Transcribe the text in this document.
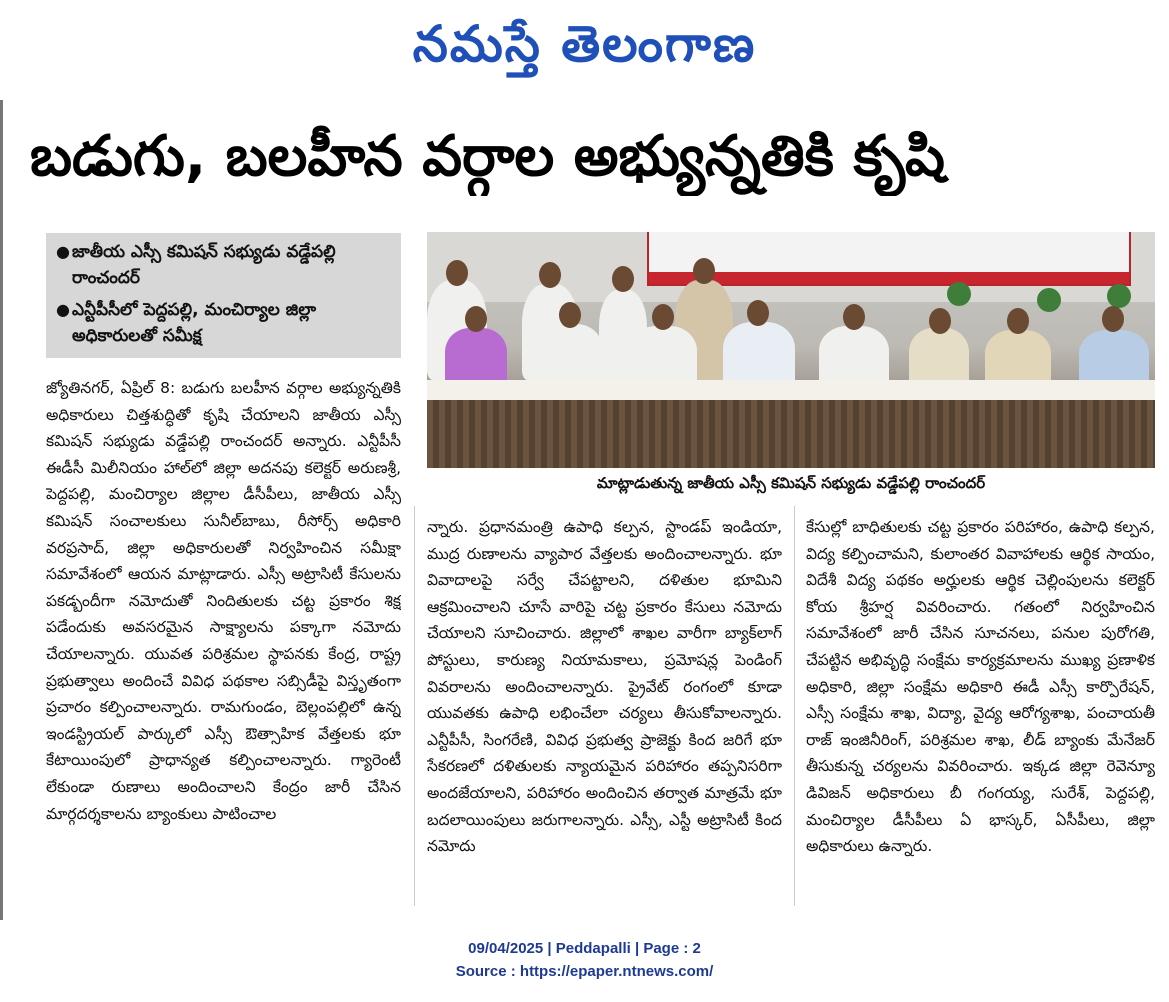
నమస్తే తెలంగాణ
బడుగు, బలహీన వర్గాల అభ్యున్నతికి కృషి
● జాతీయ ఎస్సీ కమిషన్ సభ్యుడు వడ్డేపల్లి రాంచందర్
● ఎన్టీపీసీలో పెద్దపల్లి, మంచిర్యాల జిల్లా అధికారులతో సమీక్ష
మాట్లాడుతున్న జాతీయ ఎస్సీ కమిషన్ సభ్యుడు వడ్డేపల్లి రాంచందర్
జ్యోతినగర్, ఏప్రిల్ 8: బడుగు బలహీన వర్గాల అభ్యున్నతికి అధికారులు చిత్తశుద్ధితో కృషి చేయాలని జాతీయ ఎస్సీ కమిషన్ సభ్యుడు వడ్డేపల్లి రాంచందర్ అన్నారు. ఎన్టీపీసీ ఈడీసీ మిలీనియం హాల్‌లో జిల్లా అదనపు కలెక్టర్ అరుణశ్రీ, పెద్దపల్లి, మంచిర్యాల జిల్లాల డీసీపీలు, జాతీయ ఎస్సీ కమిషన్ సంచాలకులు సునీల్‌బాబు, రీసోర్స్ అధికారి వరప్రసాద్, జిల్లా అధికారులతో నిర్వహించిన సమీక్షా సమావేశంలో ఆయన మాట్లాడారు. ఎస్సీ అట్రాసిటీ కేసులను పకడ్బందీగా నమోదుతో నిందితులకు చట్ట ప్రకారం శిక్ష పడేందుకు అవసరమైన సాక్ష్యాలను పక్కాగా నమోదు చేయాలన్నారు. యువత పరిశ్రమల స్థాపనకు కేంద్ర, రాష్ట్ర ప్రభుత్వాలు అందించే వివిధ పథకాల సబ్సిడీపై విస్తృతంగా ప్రచారం కల్పించాలన్నారు. రామగుండం, బెల్లంపల్లిలో ఉన్న ఇండస్ట్రియల్ పార్కులో ఎస్సీ ఔత్సాహిక వేత్తలకు భూ కేటాయింపులో ప్రాధాన్యత కల్పించాలన్నారు. గ్యారెంటీ లేకుండా రుణాలు అందించాలని కేంద్రం జారీ చేసిన మార్గదర్శకాలను బ్యాంకులు పాటించాల
న్నారు. ప్రధానమంత్రి ఉపాధి కల్పన, స్టాండప్ ఇండియా, ముద్ర రుణాలను వ్యాపార వేత్తలకు అందించాలన్నారు. భూ వివాదాలపై సర్వే చేపట్టాలని, దళితుల భూమిని ఆక్రమించాలని చూసే వారిపై చట్ట ప్రకారం కేసులు నమోదు చేయాలని సూచించారు. జిల్లాలో శాఖల వారీగా బ్యాక్‌లాగ్ పోస్టులు, కారుణ్య నియామకాలు, ప్రమోషన్ల పెండింగ్ వివరాలను అందించాలన్నారు. ప్రైవేట్ రంగంలో కూడా యువతకు ఉపాధి లభించేలా చర్యలు తీసుకోవాలన్నారు. ఎన్టీపీసీ, సింగరేణి, వివిధ ప్రభుత్వ ప్రాజెక్టు కింద జరిగే భూ సేకరణలో దళితులకు న్యాయమైన పరిహారం తప్పనిసరిగా అందజేయాలని, పరిహారం అందించిన తర్వాత మాత్రమే భూ బదలాయింపులు జరుగాలన్నారు. ఎస్సీ, ఎస్టీ అట్రాసిటీ కింద నమోదు
కేసుల్లో బాధితులకు చట్ట ప్రకారం పరిహారం, ఉపాధి కల్పన, విద్య కల్పించామని, కులాంతర వివాహాలకు ఆర్థిక సాయం, విదేశీ విద్య పథకం అర్హులకు ఆర్థిక చెల్లింపులను కలెక్టర్ కోయ శ్రీహర్ష వివరించారు. గతంలో నిర్వహించిన సమావేశంలో జారీ చేసిన సూచనలు, పనుల పురోగతి, చేపట్టిన అభివృద్ధి సంక్షేమ కార్యక్రమాలను ముఖ్య ప్రణాళిక అధికారి, జిల్లా సంక్షేమ అధికారి ఈడీ ఎస్సీ కార్పొరేషన్, ఎస్సీ సంక్షేమ శాఖ, విద్యా, వైద్య ఆరోగ్యశాఖ, పంచాయతీ రాజ్ ఇంజినీరింగ్, పరిశ్రమల శాఖ, లీడ్ బ్యాంకు మేనేజర్ తీసుకున్న చర్యలను వివరించారు. ఇక్కడ జిల్లా రెవెన్యూ డివిజన్ అధికారులు బీ గంగయ్య, సురేశ్, పెద్దపల్లి, మంచిర్యాల డీసీపీలు ఏ భాస్కర్, ఏసీపీలు, జిల్లా అధికారులు ఉన్నారు.
09/04/2025 | Peddapalli | Page : 2
Source : https://epaper.ntnews.com/
